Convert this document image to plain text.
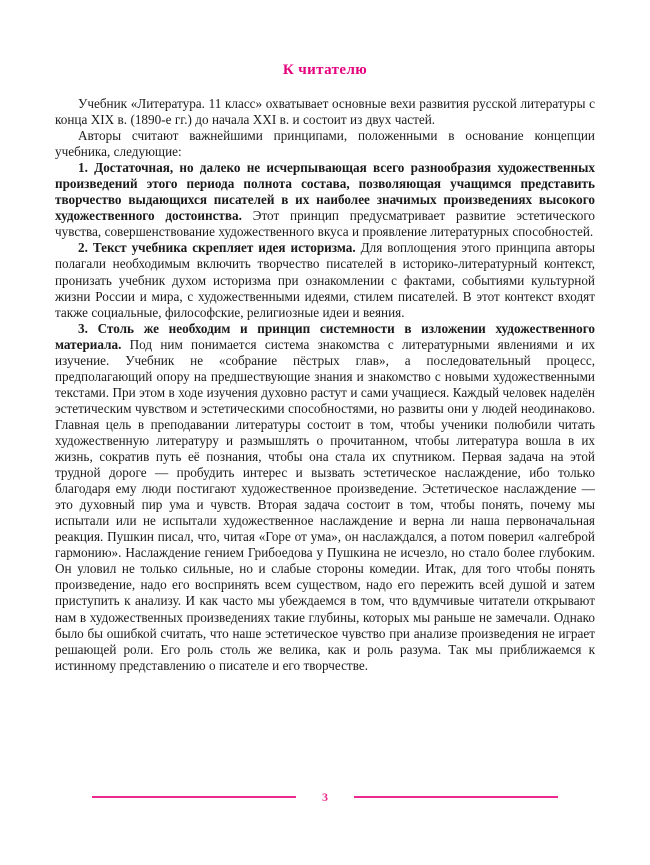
К читателю

Учебник «Литература. 11 класс» охватывает основные вехи развития русской литературы с конца XIX в. (1890-е гг.) до начала XXI в. и состоит из двух частей.

Авторы считают важнейшими принципами, положенными в основание концепции учебника, следующие:

1. Достаточная, но далеко не исчерпывающая всего разнообразия художественных произведений этого периода полнота состава, позволяющая учащимся представить творчество выдающихся писателей в их наиболее значимых произведениях высокого художественного достоинства. Этот принцип предусматривает развитие эстетического чувства, совершенствование художественного вкуса и проявление литературных способностей.

2. Текст учебника скрепляет идея историзма. Для воплощения этого принципа авторы полагали необходимым включить творчество писателей в историко-литературный контекст, пронизать учебник духом историзма при ознакомлении с фактами, событиями культурной жизни России и мира, с художественными идеями, стилем писателей. В этот контекст входят также социальные, философские, религиозные идеи и веяния.

3. Столь же необходим и принцип системности в изложении художественного материала. Под ним понимается система знакомства с литературными явлениями и их изучение. Учебник не «собрание пёстрых глав», а последовательный процесс, предполагающий опору на предшествующие знания и знакомство с новыми художественными текстами. При этом в ходе изучения духовно растут и сами учащиеся. Каждый человек наделён эстетическим чувством и эстетическими способностями, но развиты они у людей неодинаково. Главная цель в преподавании литературы состоит в том, чтобы ученики полюбили читать художественную литературу и размышлять о прочитанном, чтобы литература вошла в их жизнь, сократив путь её познания, чтобы она стала их спутником. Первая задача на этой трудной дороге — пробудить интерес и вызвать эстетическое наслаждение, ибо только благодаря ему люди постигают художественное произведение. Эстетическое наслаждение — это духовный пир ума и чувств. Вторая задача состоит в том, чтобы понять, почему мы испытали или не испытали художественное наслаждение и верна ли наша первоначальная реакция. Пушкин писал, что, читая «Горе от ума», он наслаждался, а потом поверил «алгеброй гармонию». Наслаждение гением Грибоедова у Пушкина не исчезло, но стало более глубоким. Он уловил не только сильные, но и слабые стороны комедии. Итак, для того чтобы понять произведение, надо его воспринять всем существом, надо его пережить всей душой и затем приступить к анализу. И как часто мы убеждаемся в том, что вдумчивые читатели открывают нам в художественных произведениях такие глубины, которых мы раньше не замечали. Однако было бы ошибкой считать, что наше эстетическое чувство при анализе произведения не играет решающей роли. Его роль столь же велика, как и роль разума. Так мы приближаемся к истинному представлению о писателе и его творчестве.

3
